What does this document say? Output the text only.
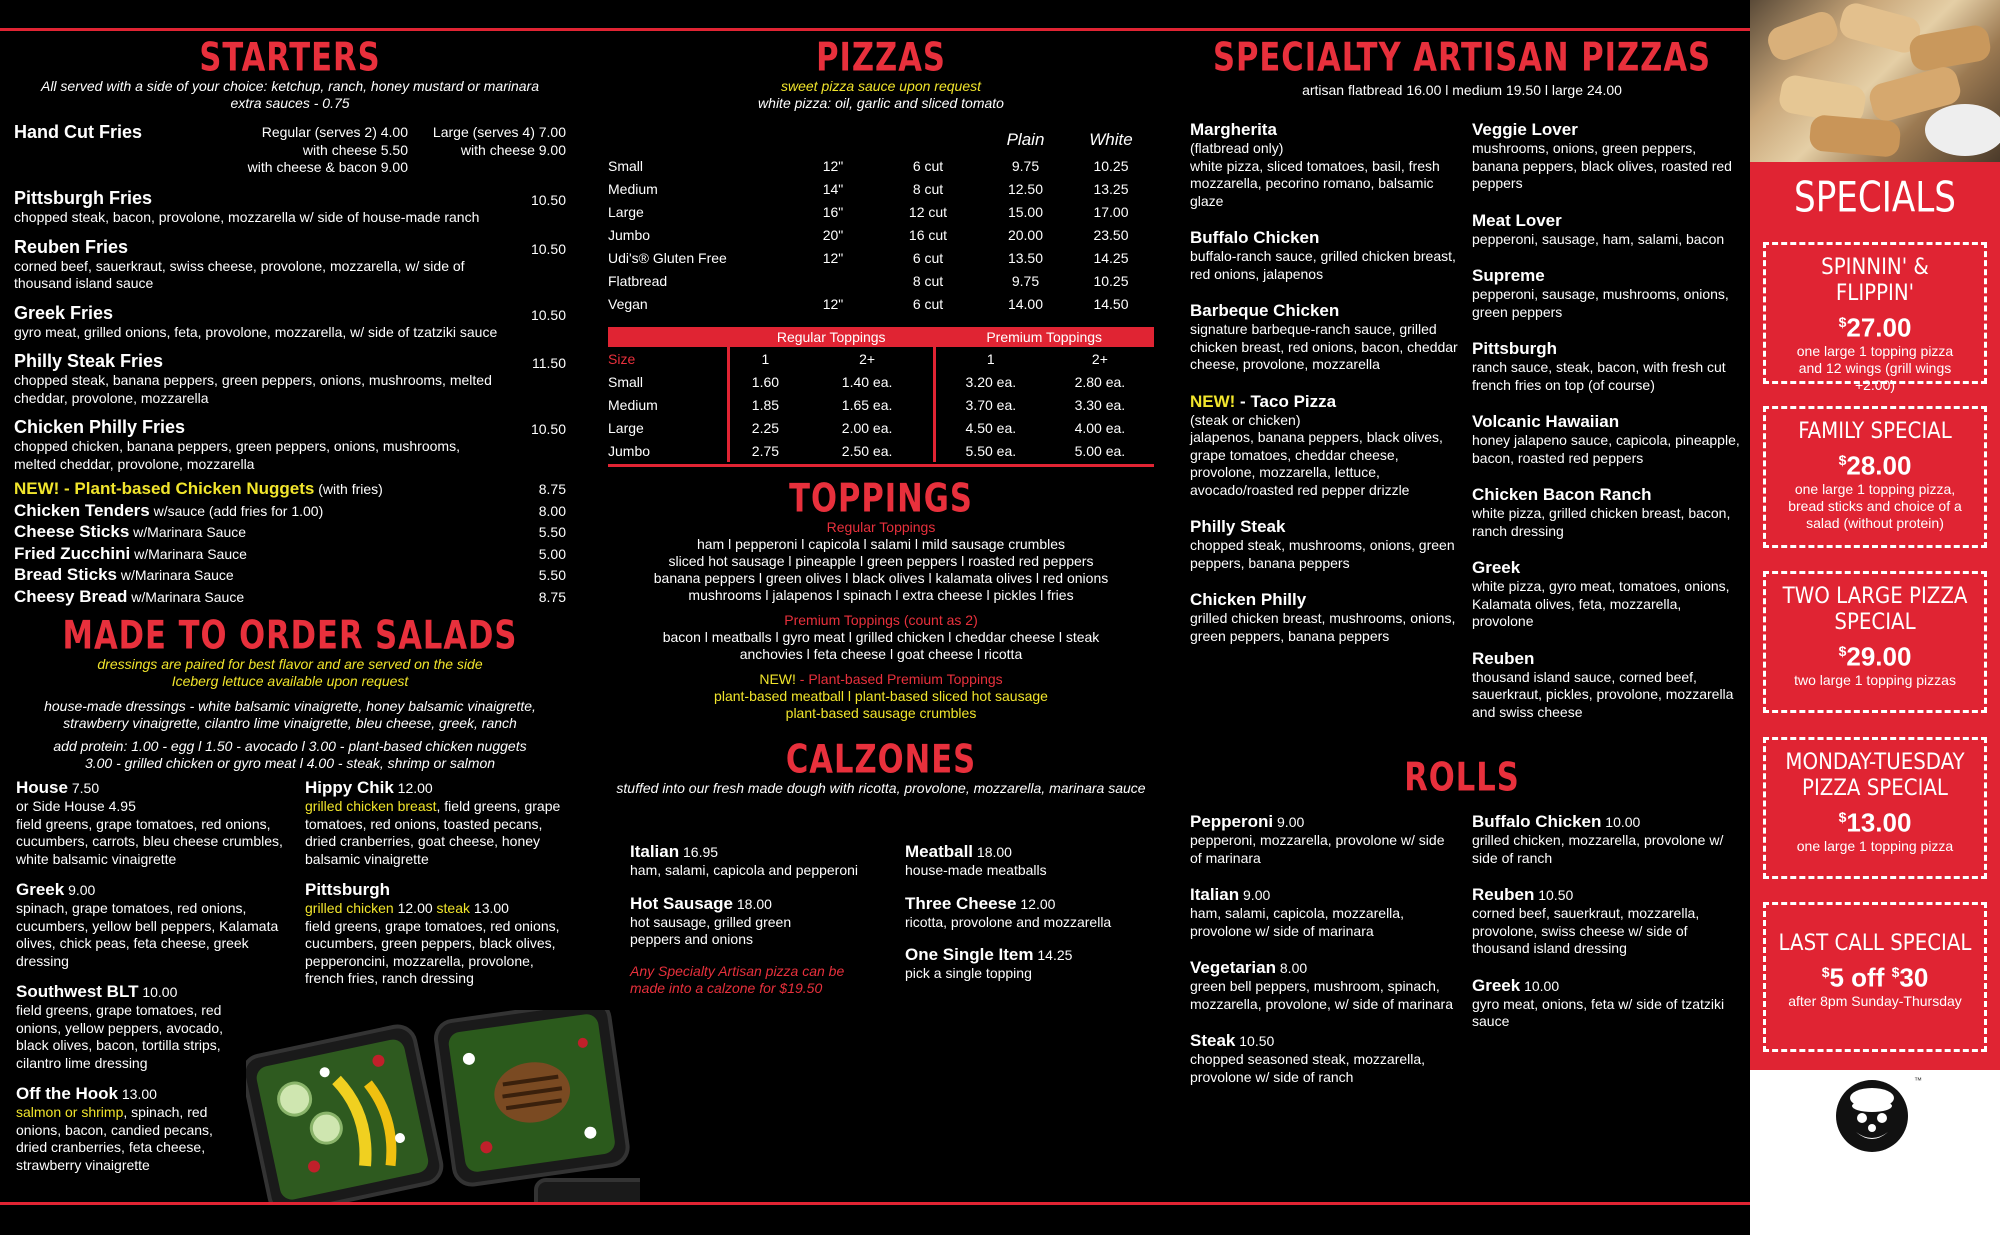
STARTERS
All served with a side of your choice: ketchup, ranch, honey mustard or marinara
extra sauces - 0.75
Hand Cut Fries	Regular (serves 2) 4.00
with cheese 5.50
with cheese & bacon 9.00
Large (serves 4) 7.00
with cheese 9.00
Pittsburgh Fries	10.50
chopped steak, bacon, provolone, mozzarella w/ side of house-made ranch
Reuben Fries	10.50
corned beef, sauerkraut, swiss cheese, provolone, mozzarella, w/ side of thousand island sauce
Greek Fries	10.50
gyro meat, grilled onions, feta, provolone, mozzarella, w/ side of tzatziki sauce
Philly Steak Fries	11.50
chopped steak, banana peppers, green peppers, onions, mushrooms, melted cheddar, provolone, mozzarella
Chicken Philly Fries	10.50
chopped chicken, banana peppers, green peppers, onions, mushrooms, melted cheddar, provolone, mozzarella
NEW! - Plant-based Chicken Nuggets (with fries)	8.75
Chicken Tenders w/sauce (add fries for 1.00)	8.00
Cheese Sticks w/Marinara Sauce	5.50
Fried Zucchini w/Marinara Sauce	5.00
Bread Sticks w/Marinara Sauce	5.50
Cheesy Bread w/Marinara Sauce	8.75
MADE TO ORDER SALADS
dressings are paired for best flavor and are served on the side
Iceberg lettuce available upon request
house-made dressings - white balsamic vinaigrette, honey balsamic vinaigrette,
strawberry vinaigrette, cilantro lime vinaigrette, bleu cheese, greek, ranch
add protein: 1.00 - egg l 1.50 - avocado l 3.00 - plant-based chicken nuggets
3.00 - grilled chicken or gyro meat l 4.00 - steak, shrimp or salmon
House 7.50
or Side House 4.95
field greens, grape tomatoes, red onions, cucumbers, carrots, bleu cheese crumbles, white balsamic vinaigrette
Greek 9.00
spinach, grape tomatoes, red onions, cucumbers, yellow bell peppers, Kalamata olives, chick peas, feta cheese, greek dressing
Southwest BLT 10.00
field greens, grape tomatoes, red onions, yellow peppers, avocado, black olives, bacon, tortilla strips, cilantro lime dressing
Off the Hook 13.00
salmon or shrimp, spinach, red onions, bacon, candied pecans, dried cranberries, feta cheese, strawberry vinaigrette
Hippy Chik 12.00
grilled chicken breast, field greens, grape tomatoes, red onions, toasted pecans, dried cranberries, goat cheese, honey balsamic vinaigrette
Pittsburgh
grilled chicken 12.00 steak 13.00
field greens, grape tomatoes, red onions, cucumbers, green peppers, black olives, pepperoncini, mozzarella, provolone, french fries, ranch dressing
PIZZAS
sweet pizza sauce upon request
white pizza: oil, garlic and sliced tomato
			Plain	White
Small	12"	6 cut	9.75	10.25
Medium	14"	8 cut	12.50	13.25
Large	16"	12 cut	15.00	17.00
Jumbo	20"	16 cut	20.00	23.50
Udi's® Gluten Free	12"	6 cut	13.50	14.25
Flatbread		8 cut	9.75	10.25
Vegan	12"	6 cut	14.00	14.50
	Regular Toppings		Premium Toppings	
Size	1	2+	1	2+
Small	1.60	1.40 ea.	3.20 ea.	2.80 ea.
Medium	1.85	1.65 ea.	3.70 ea.	3.30 ea.
Large	2.25	2.00 ea.	4.50 ea.	4.00 ea.
Jumbo	2.75	2.50 ea.	5.50 ea.	5.00 ea.
TOPPINGS
Regular Toppings
ham l pepperoni l capicola l salami l mild sausage crumbles
sliced hot sausage l pineapple l green peppers l roasted red peppers
banana peppers l green olives l black olives l kalamata olives l red onions
mushrooms l jalapenos l spinach l extra cheese l pickles l fries
Premium Toppings (count as 2)
bacon l meatballs l gyro meat l grilled chicken l cheddar cheese l steak
anchovies l feta cheese l goat cheese l ricotta
NEW! - Plant-based Premium Toppings
plant-based meatball l plant-based sliced hot sausage
plant-based sausage crumbles
CALZONES
stuffed into our fresh made dough with ricotta, provolone, mozzarella, marinara sauce
Italian 16.95
ham, salami, capicola and pepperoni
Hot Sausage 18.00
hot sausage, grilled green peppers and onions
Any Specialty Artisan pizza can be made into a calzone for $19.50
Meatball 18.00
house-made meatballs
Three Cheese 12.00
ricotta, provolone and mozzarella
One Single Item 14.25
pick a single topping
SPECIALTY ARTISAN PIZZAS
artisan flatbread 16.00 l medium 19.50 l large 24.00
Margherita
(flatbread only)
white pizza, sliced tomatoes, basil, fresh mozzarella, pecorino romano, balsamic glaze
Buffalo Chicken
buffalo-ranch sauce, grilled chicken breast, red onions, jalapenos
Barbeque Chicken
signature barbeque-ranch sauce, grilled chicken breast, red onions, bacon, cheddar cheese, provolone, mozzarella
NEW! - Taco Pizza
(steak or chicken)
jalapenos, banana peppers, black olives, grape tomatoes, cheddar cheese, provolone, mozzarella, lettuce, avocado/roasted red pepper drizzle
Philly Steak
chopped steak, mushrooms, onions, green peppers, banana peppers
Chicken Philly
grilled chicken breast, mushrooms, onions, green peppers, banana peppers
Veggie Lover
mushrooms, onions, green peppers, banana peppers, black olives, roasted red peppers
Meat Lover
pepperoni, sausage, ham, salami, bacon
Supreme
pepperoni, sausage, mushrooms, onions, green peppers
Pittsburgh
ranch sauce, steak, bacon, with fresh cut french fries on top (of course)
Volcanic Hawaiian
honey jalapeno sauce, capicola, pineapple, bacon, roasted red peppers
Chicken Bacon Ranch
white pizza, grilled chicken breast, bacon, ranch dressing
Greek
white pizza, gyro meat, tomatoes, onions, Kalamata olives, feta, mozzarella, provolone
Reuben
thousand island sauce, corned beef, sauerkraut, pickles, provolone, mozzarella and swiss cheese
ROLLS
Pepperoni 9.00
pepperoni, mozzarella, provolone w/ side of marinara
Italian 9.00
ham, salami, capicola, mozzarella, provolone w/ side of marinara
Vegetarian 8.00
green bell peppers, mushroom, spinach, mozzarella, provolone, w/ side of marinara
Steak 10.50
chopped seasoned steak, mozzarella, provolone w/ side of ranch
Buffalo Chicken 10.00
grilled chicken, mozzarella, provolone w/ side of ranch
Reuben 10.50
corned beef, sauerkraut, mozzarella, provolone, swiss cheese w/ side of thousand island dressing
Greek 10.00
gyro meat, onions, feta w/ side of tzatziki sauce
SPECIALS
SPINNIN' & FLIPPIN'
$27.00
one large 1 topping pizza and 12 wings (grill wings +2.00)
FAMILY SPECIAL
$28.00
one large 1 topping pizza, bread sticks and choice of a salad (without protein)
TWO LARGE PIZZA SPECIAL
$29.00
two large 1 topping pizzas
MONDAY-TUESDAY PIZZA SPECIAL
$13.00
one large 1 topping pizza
LAST CALL SPECIAL
$5 off $30
after 8pm Sunday-Thursday
™
